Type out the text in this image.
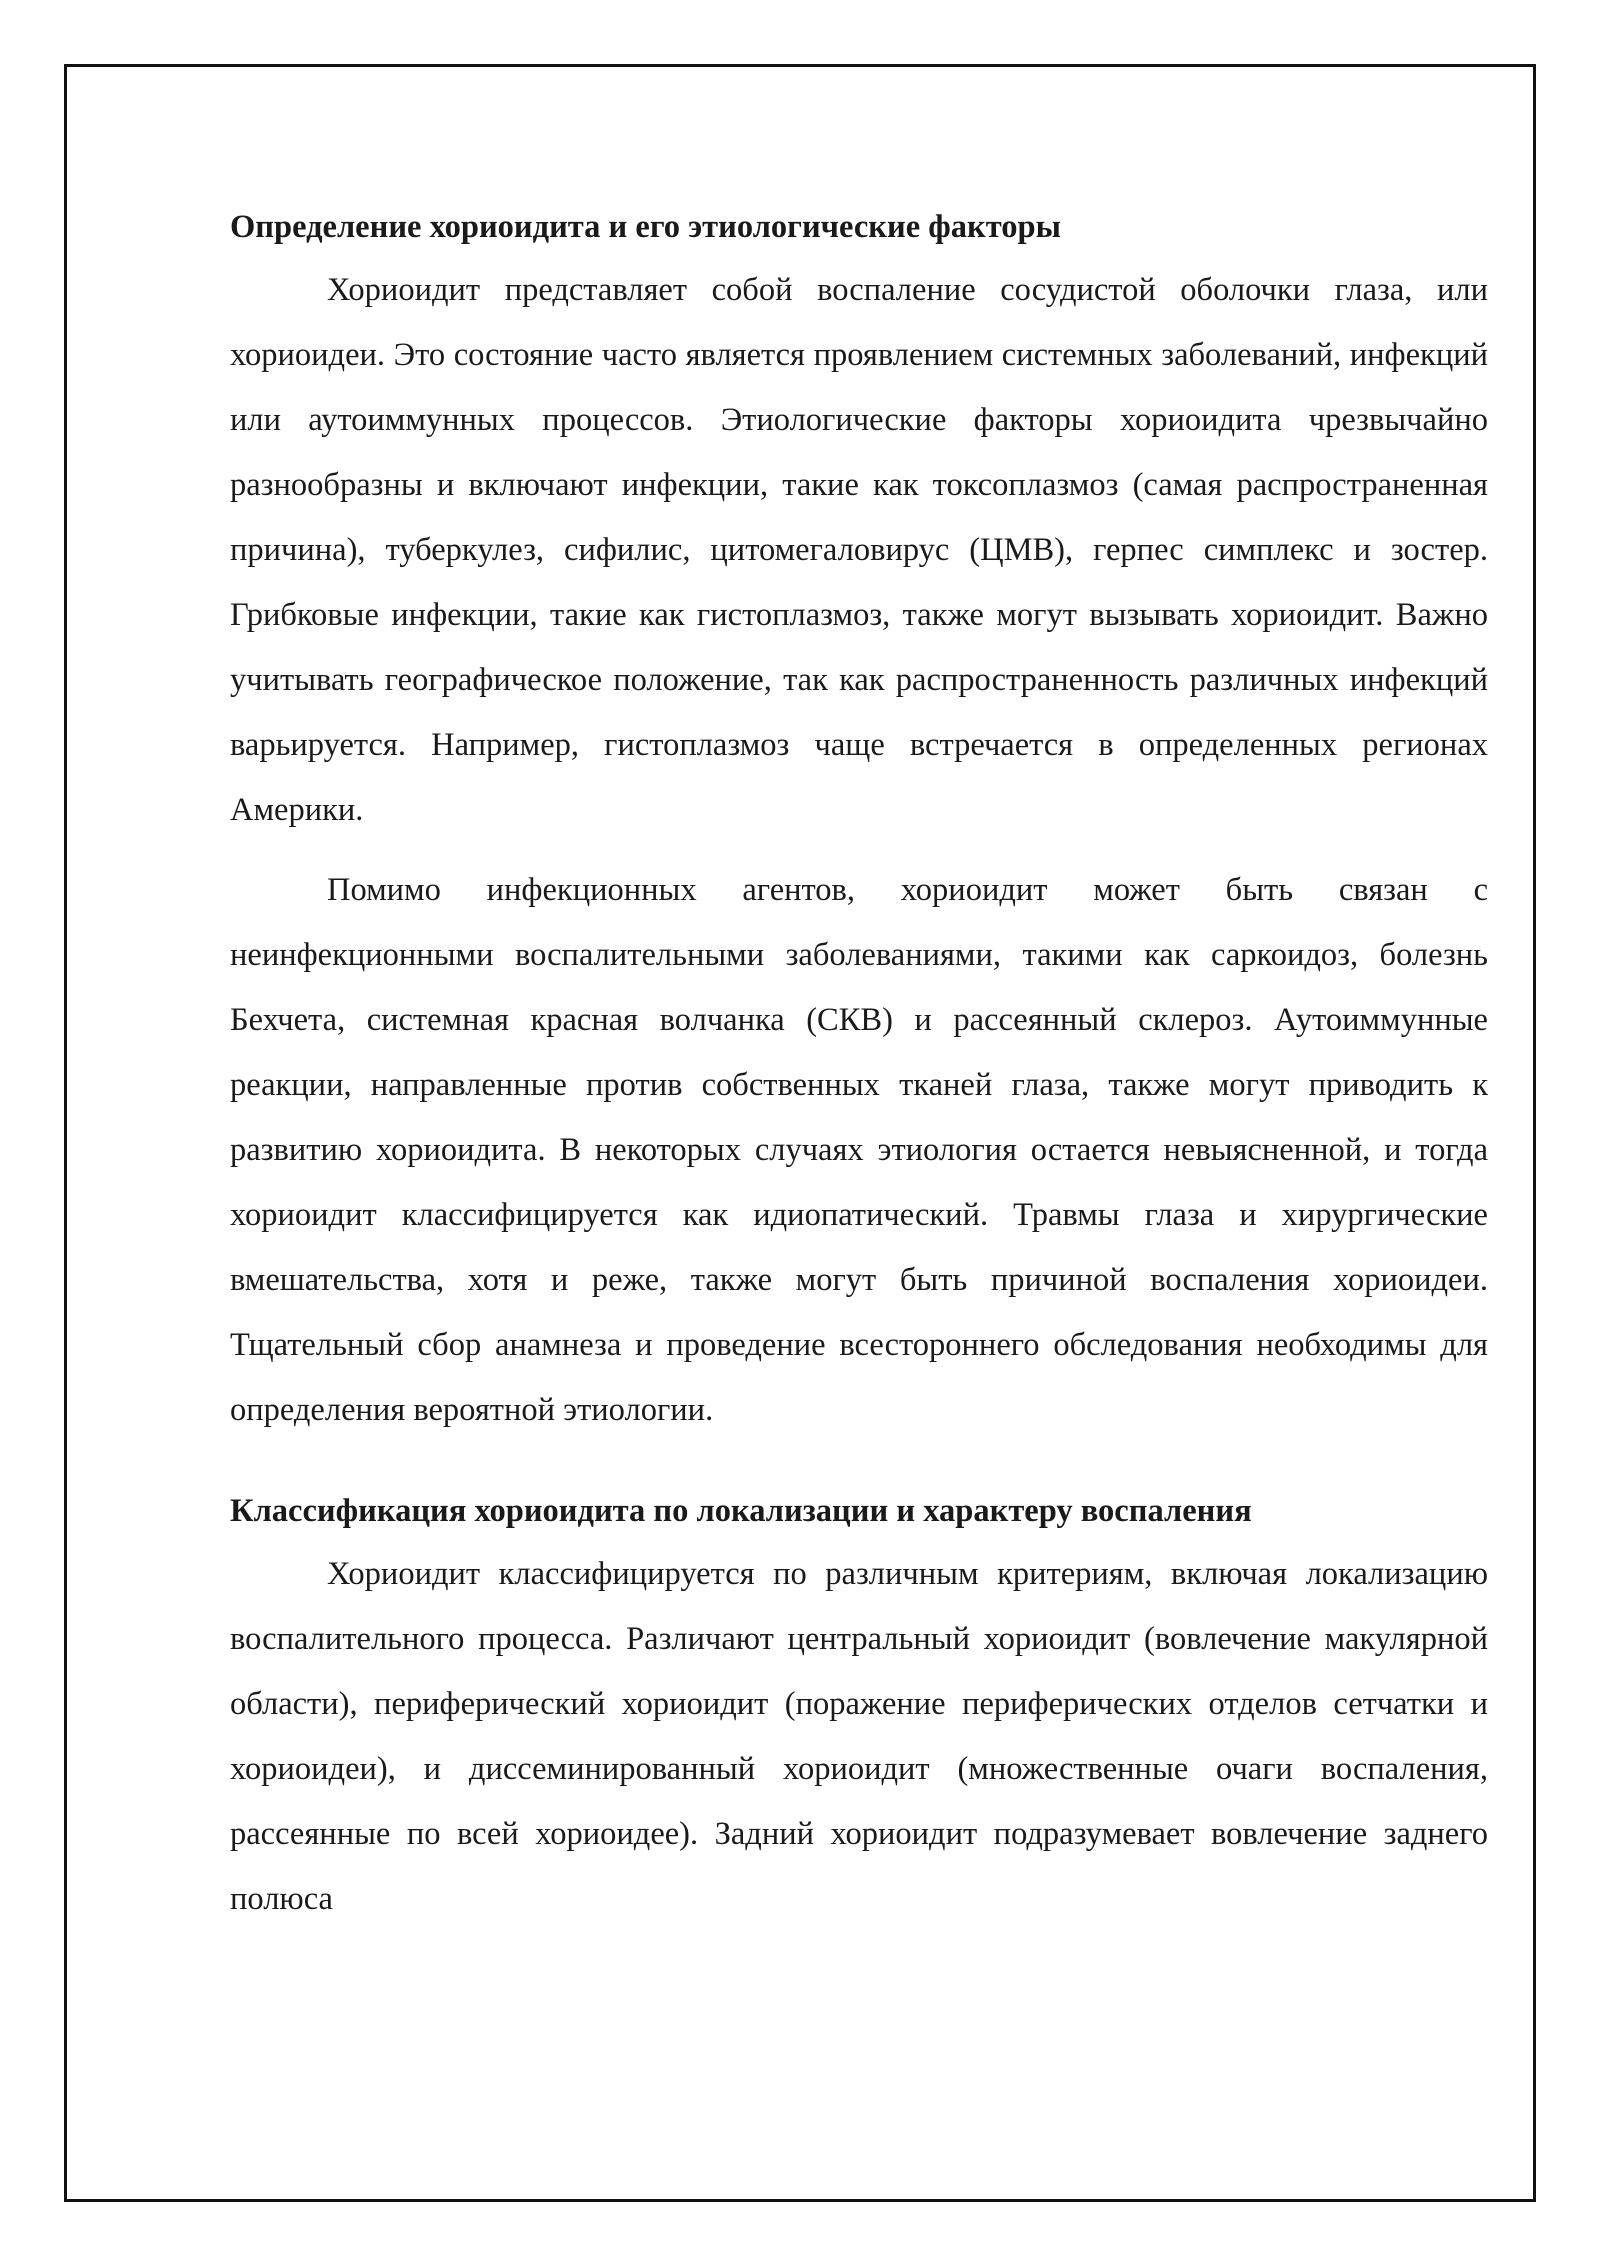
Определение хориоидита и его этиологические факторы

Хориоидит представляет собой воспаление сосудистой оболочки глаза, или хориоидеи. Это состояние часто является проявлением системных заболеваний, инфекций или аутоиммунных процессов. Этиологические факторы хориоидита чрезвычайно разнообразны и включают инфекции, такие как токсоплазмоз (самая распространенная причина), туберкулез, сифилис, цитомегаловирус (ЦМВ), герпес симплекс и зостер. Грибковые инфекции, такие как гистоплазмоз, также могут вызывать хориоидит. Важно учитывать географическое положение, так как распространенность различных инфекций варьируется. Например, гистоплазмоз чаще встречается в определенных регионах Америки.

Помимо инфекционных агентов, хориоидит может быть связан с неинфекционными воспалительными заболеваниями, такими как саркоидоз, болезнь Бехчета, системная красная волчанка (СКВ) и рассеянный склероз. Аутоиммунные реакции, направленные против собственных тканей глаза, также могут приводить к развитию хориоидита. В некоторых случаях этиология остается невыясненной, и тогда хориоидит классифицируется как идиопатический. Травмы глаза и хирургические вмешательства, хотя и реже, также могут быть причиной воспаления хориоидеи. Тщательный сбор анамнеза и проведение всестороннего обследования необходимы для определения вероятной этиологии.

Классификация хориоидита по локализации и характеру воспаления

Хориоидит классифицируется по различным критериям, включая локализацию воспалительного процесса. Различают центральный хориоидит (вовлечение макулярной области), периферический хориоидит (поражение периферических отделов сетчатки и хориоидеи), и диссеминированный хориоидит (множественные очаги воспаления, рассеянные по всей хориоидее). Задний хориоидит подразумевает вовлечение заднего полюса
